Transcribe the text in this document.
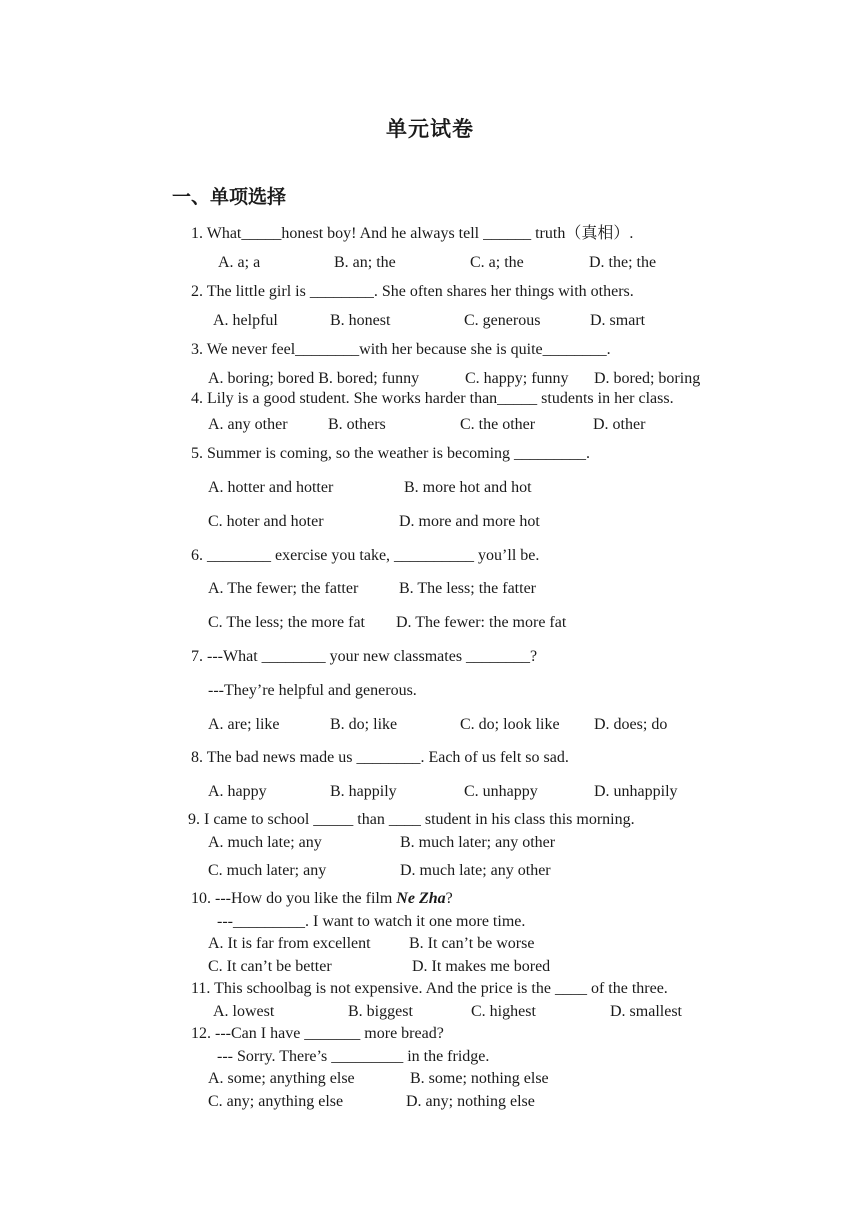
单元试卷
一、单项选择
1. What_____honest boy! And he always tell ______ truth（真相）.
A. a; a	B. an; the	C. a; the	D. the; the
2. The little girl is ________. She often shares her things with others.
A. helpful	B. honest	C. generous	D. smart
3. We never feel________with her because she is quite________.
A. boring; bored B. bored; funny	C. happy; funny D. bored; boring
4. Lily is a good student. She works harder than_____ students in her class.
A. any other	B. others	C. the other	D. other
5. Summer is coming, so the weather is becoming _________.
A. hotter and hotter	B. more hot and hot
C. hoter and hoter	D. more and more hot
6. ________ exercise you take, __________ you’ll be.
A. The fewer; the fatter	B. The less; the fatter
C. The less; the more fat D. The fewer: the more fat
7. ---What ________ your new classmates ________?
---They’re helpful and generous.
A. are; like	B. do; like	C. do; look like D. does; do
8. The bad news made us ________. Each of us felt so sad.
A. happy	B. happily	C. unhappy	D. unhappily
9. I came to school _____ than ____ student in his class this morning.
A. much late; any	B. much later; any other
C. much later; any	D. much late; any other
10. ---How do you like the film Ne Zha?
---_________. I want to watch it one more time.
A. It is far from excellent B. It can’t be worse
C. It can’t be better	D. It makes me bored
11. This schoolbag is not expensive. And the price is the ____ of the three.
A. lowest	B. biggest	C. highest	D. smallest
12. ---Can I have _______ more bread?
--- Sorry. There’s _________ in the fridge.
A. some; anything else	B. some; nothing else
C. any; anything else	D. any; nothing else
